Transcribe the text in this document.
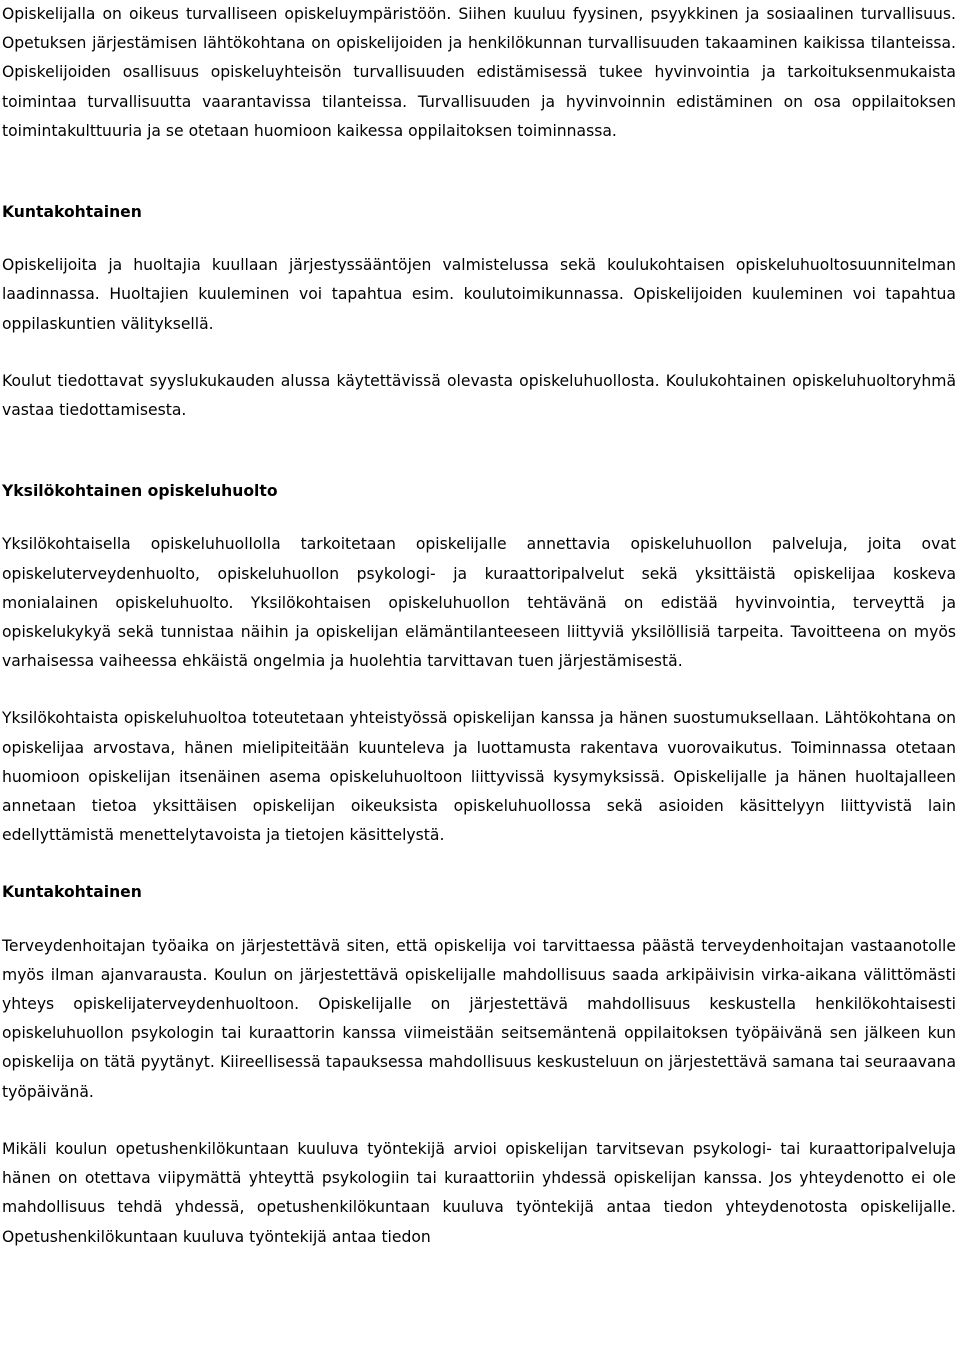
Opiskelijalla on oikeus turvalliseen opiskeluympäristöön. Siihen kuuluu fyysinen, psyykkinen ja sosiaalinen turvallisuus. Opetuksen järjestämisen lähtökohtana on opiskelijoiden ja henkilökunnan turvallisuuden takaaminen kaikissa tilanteissa. Opiskelijoiden osallisuus opiskeluyhteisön turvallisuuden edistämisessä tukee hyvinvointia ja tarkoituksenmukaista toimintaa turvallisuutta vaarantavissa tilanteissa. Turvallisuuden ja hyvinvoinnin edistäminen on osa oppilaitoksen toimintakulttuuria ja se otetaan huomioon kaikessa oppilaitoksen toiminnassa.

Kuntakohtainen

Opiskelijoita ja huoltajia kuullaan järjestyssääntöjen valmistelussa sekä koulukohtaisen opiskeluhuoltosuunnitelman laadinnassa. Huoltajien kuuleminen voi tapahtua esim. koulutoimikunnassa. Opiskelijoiden kuuleminen voi tapahtua oppilaskuntien välityksellä.

Koulut tiedottavat syyslukukauden alussa käytettävissä olevasta opiskeluhuollosta. Koulukohtainen opiskeluhuoltoryhmä vastaa tiedottamisesta.

Yksilökohtainen opiskeluhuolto

Yksilökohtaisella opiskeluhuollolla tarkoitetaan opiskelijalle annettavia opiskeluhuollon palveluja, joita ovat opiskeluterveydenhuolto, opiskeluhuollon psykologi- ja kuraattoripalvelut sekä yksittäistä opiskelijaa koskeva monialainen opiskeluhuolto. Yksilökohtaisen opiskeluhuollon tehtävänä on edistää hyvinvointia, terveyttä ja opiskelukykyä sekä tunnistaa näihin ja opiskelijan elämäntilanteeseen liittyviä yksilöllisiä tarpeita. Tavoitteena on myös varhaisessa vaiheessa ehkäistä ongelmia ja huolehtia tarvittavan tuen järjestämisestä.

Yksilökohtaista opiskeluhuoltoa toteutetaan yhteistyössä opiskelijan kanssa ja hänen suostumuksellaan. Lähtökohtana on opiskelijaa arvostava, hänen mielipiteitään kuunteleva ja luottamusta rakentava vuorovaikutus. Toiminnassa otetaan huomioon opiskelijan itsenäinen asema opiskeluhuoltoon liittyvissä kysymyksissä. Opiskelijalle ja hänen huoltajalleen annetaan tietoa yksittäisen opiskelijan oikeuksista opiskeluhuollossa sekä asioiden käsittelyyn liittyvistä lain edellyttämistä menettelytavoista ja tietojen käsittelystä.

Kuntakohtainen

Terveydenhoitajan työaika on järjestettävä siten, että opiskelija voi tarvittaessa päästä terveydenhoitajan vastaanotolle myös ilman ajanvarausta. Koulun on järjestettävä opiskelijalle mahdollisuus saada arkipäivisin virka-aikana välittömästi yhteys opiskelijaterveydenhuoltoon. Opiskelijalle on järjestettävä mahdollisuus keskustella henkilökohtaisesti opiskeluhuollon psykologin tai kuraattorin kanssa viimeistään seitsemäntenä oppilaitoksen työpäivänä sen jälkeen kun opiskelija on tätä pyytänyt. Kiireellisessä tapauksessa mahdollisuus keskusteluun on järjestettävä samana tai seuraavana työpäivänä.

Mikäli koulun opetushenkilökuntaan kuuluva työntekijä arvioi opiskelijan tarvitsevan psykologi- tai kuraattoripalveluja hänen on otettava viipymättä yhteyttä psykologiin tai kuraattoriin yhdessä opiskelijan kanssa. Jos yhteydenotto ei ole mahdollisuus tehdä yhdessä, opetushenkilökuntaan kuuluva työntekijä antaa tiedon yhteydenotosta opiskelijalle. Opetushenkilökuntaan kuuluva työntekijä antaa tiedon
